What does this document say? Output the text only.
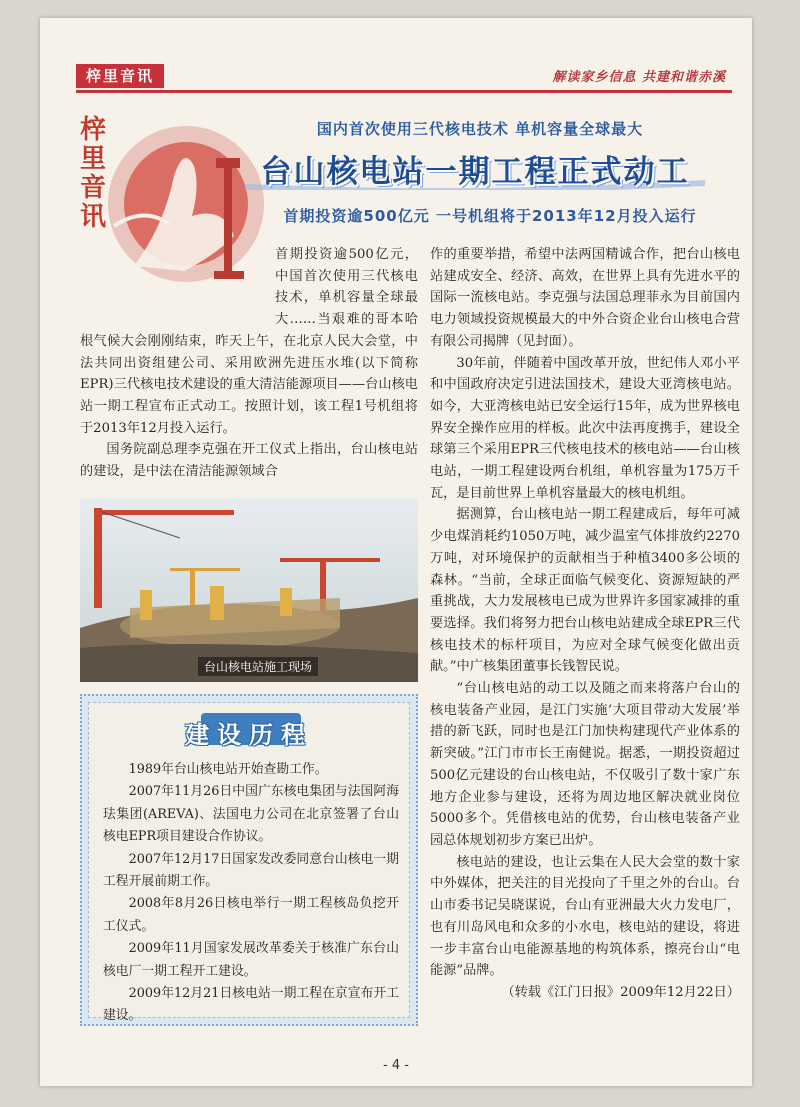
梓里音讯	解读家乡信息 共建和谐赤溪
梓
里
音
讯
国内首次使用三代核电技术 单机容量全球最大
台山核电站一期工程正式动工
首期投资逾500亿元 一号机组将于2013年12月投入运行

首期投资逾500亿元，中国首次使用三代核电技术，单机容量全球最大……当艰难的哥本哈根气候大会刚刚结束，昨天上午，在北京人民大会堂，中法共同出资组建公司、采用欧洲先进压水堆(以下简称EPR)三代核电技术建设的重大清洁能源项目——台山核电站一期工程宣布正式动工。按照计划，该工程1号机组将于2013年12月投入运行。

国务院副总理李克强在开工仪式上指出，台山核电站的建设，是中法在清洁能源领域合

台山核电站施工现场
建设历程

1989年台山核电站开始查勘工作。

2007年11月26日中国广东核电集团与法国阿海珐集团(AREVA)、法国电力公司在北京签署了台山核电EPR项目建设合作协议。

2007年12月17日国家发改委同意台山核电一期工程开展前期工作。

2008年8月26日核电举行一期工程核岛负挖开工仪式。

2009年11月国家发展改革委关于核准广东台山核电厂一期工程开工建设。

2009年12月21日核电站一期工程在京宣布开工建设。

作的重要举措，希望中法两国精诚合作，把台山核电站建成安全、经济、高效，在世界上具有先进水平的国际一流核电站。李克强与法国总理菲永为目前国内电力领域投资规模最大的中外合资企业台山核电合营有限公司揭牌（见封面）。

30年前，伴随着中国改革开放，世纪伟人邓小平和中国政府决定引进法国技术，建设大亚湾核电站。如今，大亚湾核电站已安全运行15年，成为世界核电界安全操作应用的样板。此次中法再度携手，建设全球第三个采用EPR三代核电技术的核电站——台山核电站，一期工程建设两台机组，单机容量为175万千瓦，是目前世界上单机容量最大的核电机组。

据测算，台山核电站一期工程建成后，每年可减少电煤消耗约1050万吨，减少温室气体排放约2270万吨，对环境保护的贡献相当于种植3400多公顷的森林。“当前，全球正面临气候变化、资源短缺的严重挑战，大力发展核电已成为世界许多国家减排的重要选择。我们将努力把台山核电站建成全球EPR三代核电技术的标杆项目，为应对全球气候变化做出贡献。”中广核集团董事长钱智民说。

“台山核电站的动工以及随之而来将落户台山的核电装备产业园，是江门实施‘大项目带动大发展’举措的新飞跃，同时也是江门加快构建现代产业体系的新突破。”江门市市长王南健说。据悉，一期投资超过500亿元建设的台山核电站，不仅吸引了数十家广东地方企业参与建设，还将为周边地区解决就业岗位5000多个。凭借核电站的优势，台山核电装备产业园总体规划初步方案已出炉。

核电站的建设，也让云集在人民大会堂的数十家中外媒体，把关注的目光投向了千里之外的台山。台山市委书记吴晓谋说，台山有亚洲最大火力发电厂，也有川岛风电和众多的小水电，核电站的建设，将进一步丰富台山电能源基地的构筑体系，擦亮台山“电能源”品牌。

（转载《江门日报》2009年12月22日）

- 4 -
